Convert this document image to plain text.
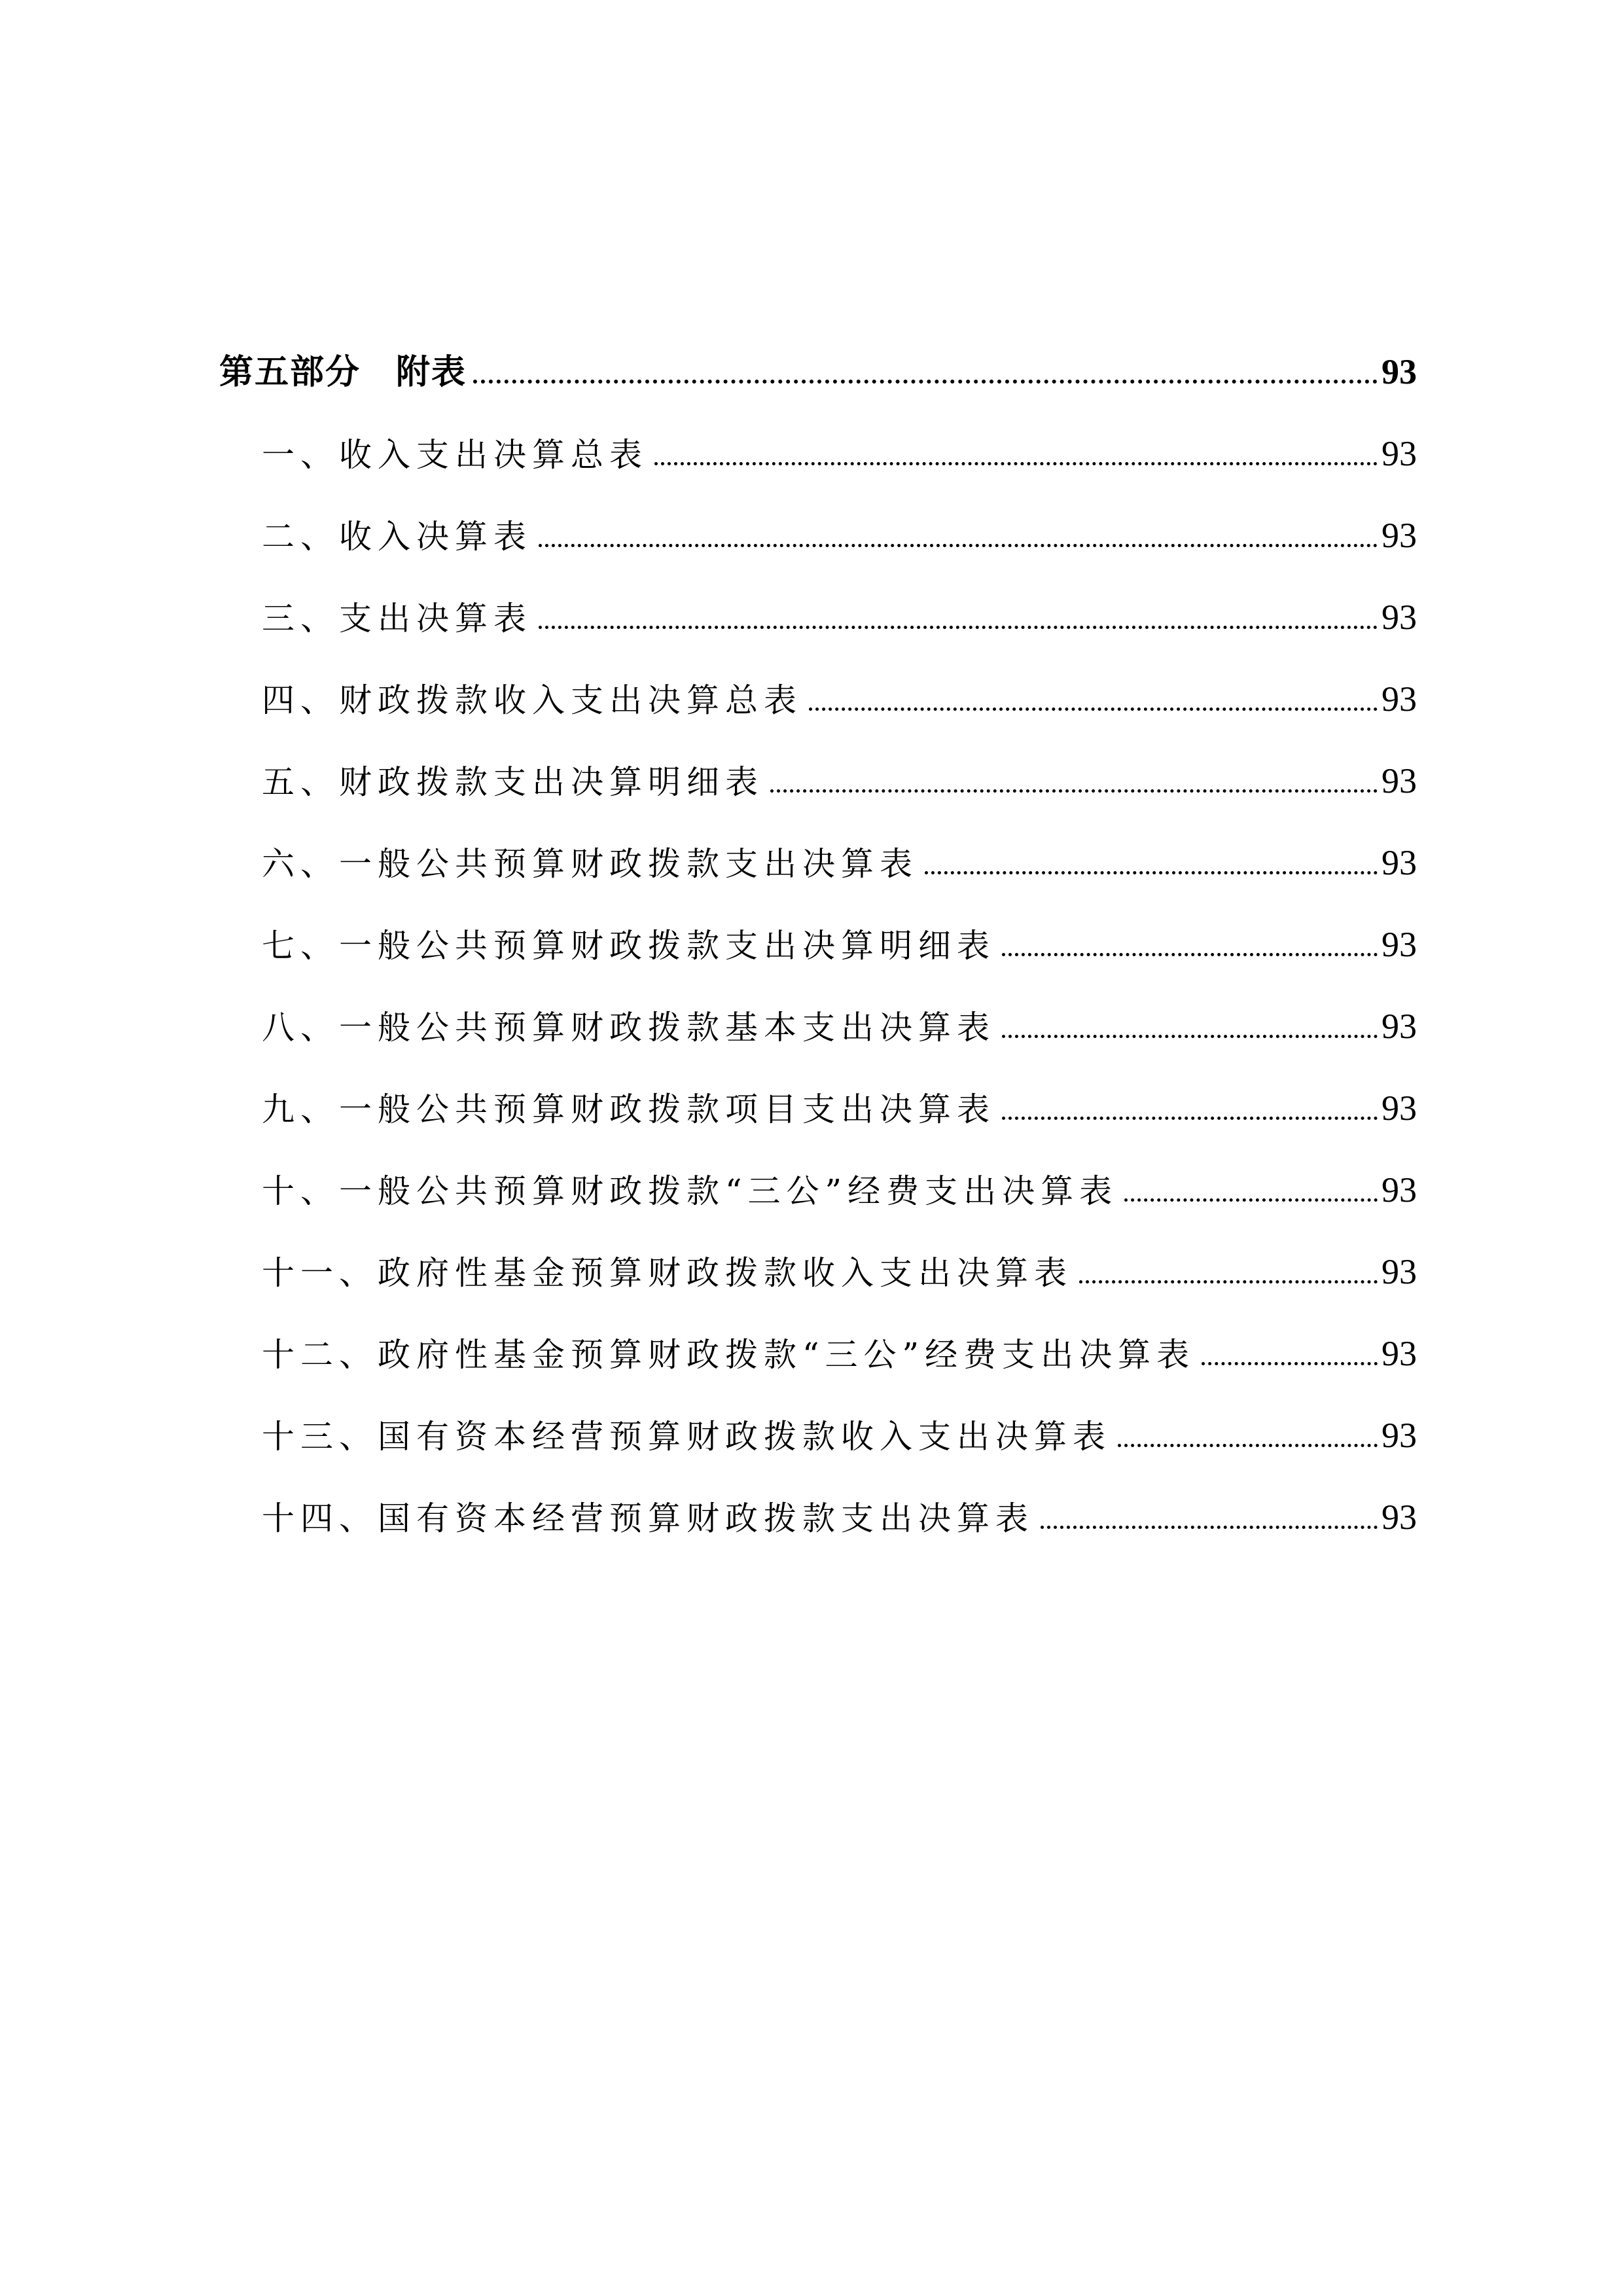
第五部分　附表	93
一、收入支出决算总表	93
二、收入决算表	93
三、支出决算表	93
四、财政拨款收入支出决算总表	93
五、财政拨款支出决算明细表	93
六、一般公共预算财政拨款支出决算表	93
七、一般公共预算财政拨款支出决算明细表	93
八、一般公共预算财政拨款基本支出决算表	93
九、一般公共预算财政拨款项目支出决算表	93
十、一般公共预算财政拨款“三公”经费支出决算表	93
十一、政府性基金预算财政拨款收入支出决算表	93
十二、政府性基金预算财政拨款“三公”经费支出决算表	93
十三、国有资本经营预算财政拨款收入支出决算表	93
十四、国有资本经营预算财政拨款支出决算表	93
